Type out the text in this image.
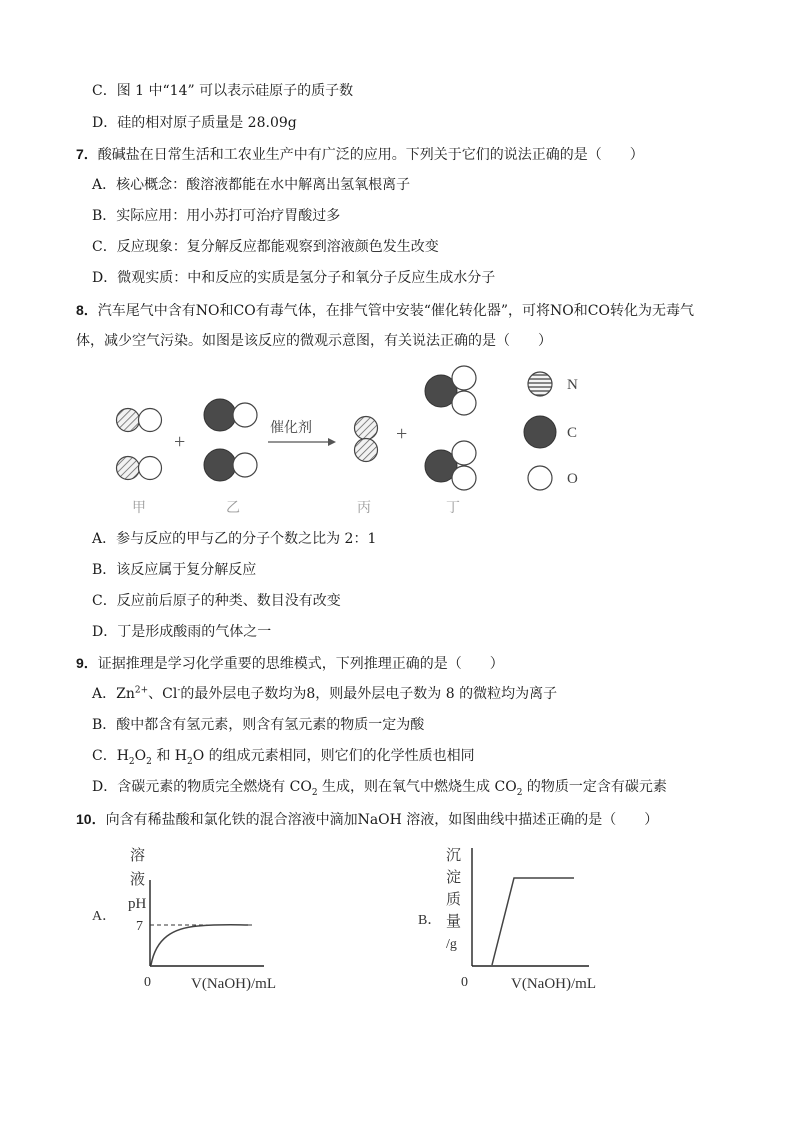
C．图 1 中“14” 可以表示硅原子的质子数
D．硅的相对原子质量是 28.09g
7．酸碱盐在日常生活和工农业生产中有广泛的应用。下列关于它们的说法正确的是（　　）
A．核心概念：酸溶液都能在水中解离出氢氧根离子
B．实际应用：用小苏打可治疗胃酸过多
C．反应现象：复分解反应都能观察到溶液颜色发生改变
D．微观实质：中和反应的实质是氢分子和氧分子反应生成水分子
8．汽车尾气中含有NO和CO有毒气体，在排气管中安装“催化转化器”，可将NO和CO转化为无毒气
体，减少空气污染。如图是该反应的微观示意图，有关说法正确的是（　　）
+
催化剂	+
甲	乙	丙	丁
N
C
O
A．参与反应的甲与乙的分子个数之比为 2：1
B．该反应属于复分解反应
C．反应前后原子的种类、数目没有改变
D．丁是形成酸雨的气体之一
9．证据推理是学习化学重要的思维模式，下列推理正确的是（　　）
A．$Zn^{2+}$、Cl-的最外层电子数均为8，则最外层电子数为 8 的微粒均为离子
B．酸中都含有氢元素，则含有氢元素的物质一定为酸
C．$H_2O_2$ 和 $H_2O$ 的组成元素相同，则它们的化学性质也相同
D．含碳元素的物质完全燃烧有 $CO_2$ 生成，则在氧气中燃烧生成 $CO_2$ 的物质一定含有碳元素
10．向含有稀盐酸和氯化铁的混合溶液中滴加NaOH 溶液，如图曲线中描述正确的是（　　）
A．
溶
液
pH
7
0	V(NaOH)/mL
B．
沉
淀
质
量
/g
0	V(NaOH)/mL
